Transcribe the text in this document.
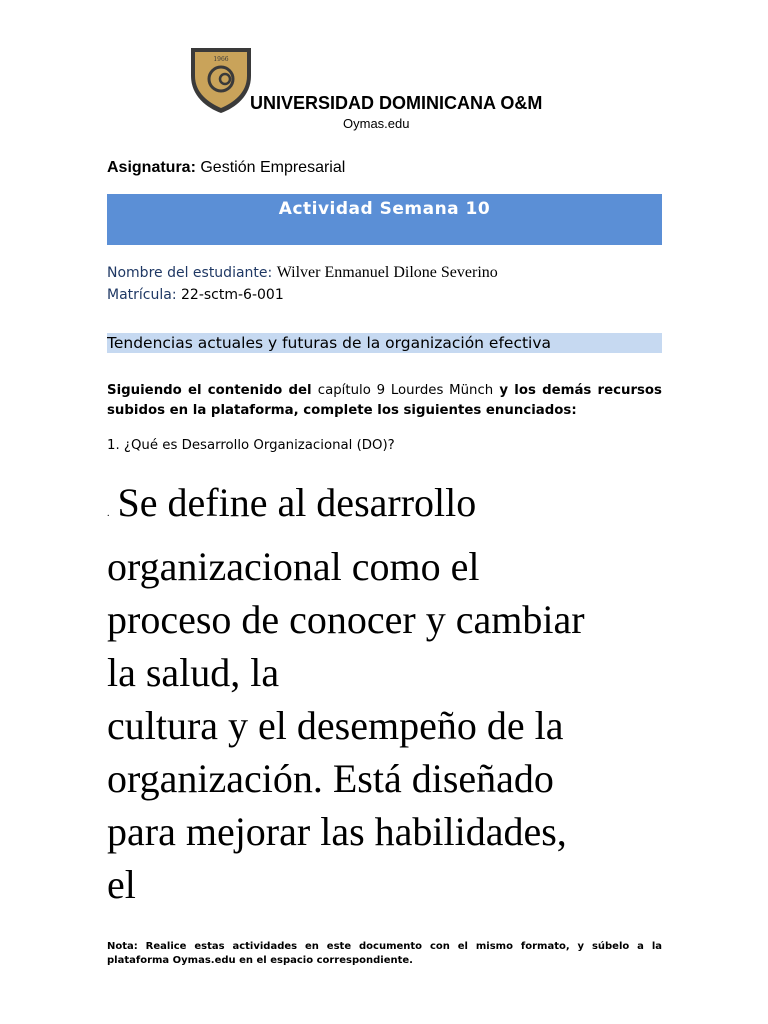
1966
UNIVERSIDAD DOMINICANA O&M
Oymas.edu
Asignatura: Gestión Empresarial
Actividad Semana 10
Nombre del estudiante: Wilver Enmanuel Dilone Severino
Matrícula: 22-sctm-6-001
Tendencias actuales y futuras de la organización efectiva
Siguiendo el contenido del capítulo 9 Lourdes Münch y los demás recursos subidos en la plataforma, complete los siguientes enunciados:
1. ¿Qué es Desarrollo Organizacional (DO)?
. Se define al desarrollo
organizacional como el
proceso de conocer y cambiar
la salud, la
cultura y el desempeño de la
organización. Está diseñado
para mejorar las habilidades,
el
Nota: Realice estas actividades en este documento con el mismo formato, y súbelo a la plataforma Oymas.edu en el espacio correspondiente.
